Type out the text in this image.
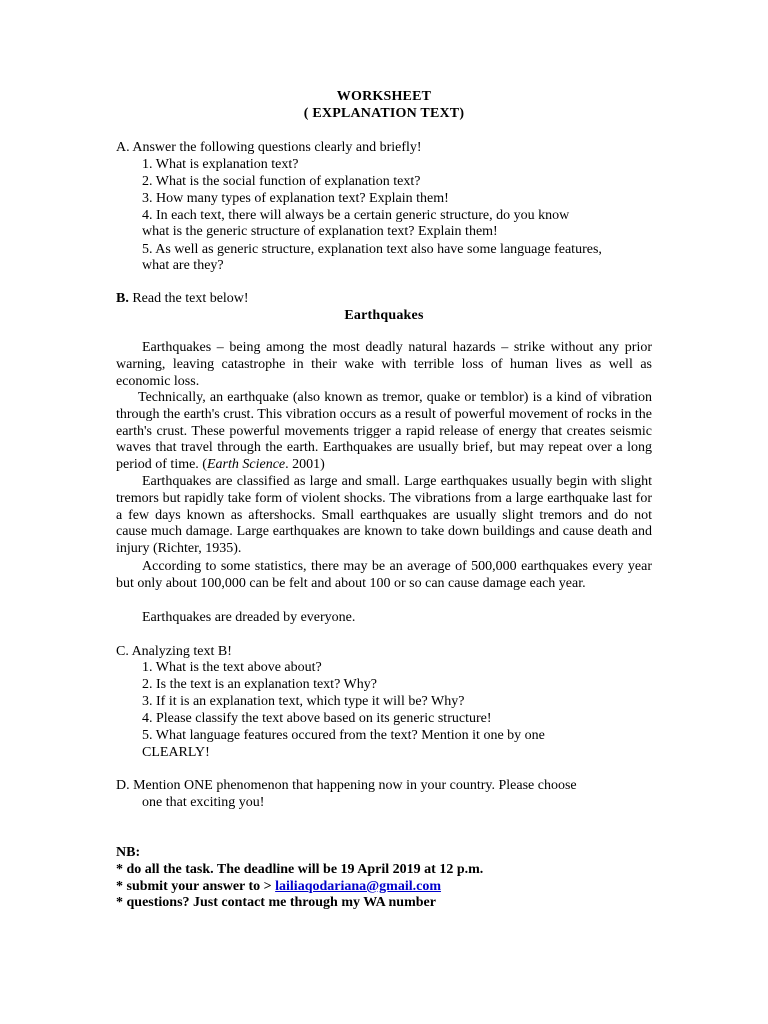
WORKSHEET
( EXPLANATION TEXT)
A. Answer the following questions clearly and briefly!
1. What is explanation text?
2. What is the social function of explanation text?
3. How many types of explanation text? Explain them!
4. In each text, there will always be a certain generic structure, do you know
what is the generic structure of explanation text? Explain them!
5. As well as generic structure, explanation text also have some language features,
what are they?
B. Read the text below!
Earthquakes
Earthquakes – being among the most deadly natural hazards – strike without any prior warning, leaving catastrophe in their wake with terrible loss of human lives as well as economic loss.
Technically, an earthquake (also known as tremor, quake or temblor) is a kind of vibration through the earth's crust. This vibration occurs as a result of powerful movement of rocks in the earth's crust. These powerful movements trigger a rapid release of energy that creates seismic waves that travel through the earth. Earthquakes are usually brief, but may repeat over a long period of time. (Earth Science. 2001)
Earthquakes are classified as large and small. Large earthquakes usually begin with slight tremors but rapidly take form of violent shocks. The vibrations from a large earthquake last for a few days known as aftershocks. Small earthquakes are usually slight tremors and do not cause much damage. Large earthquakes are known to take down buildings and cause death and injury (Richter, 1935).
According to some statistics, there may be an average of 500,000 earthquakes every year but only about 100,000 can be felt and about 100 or so can cause damage each year.
Earthquakes are dreaded by everyone.
C. Analyzing text B!
1. What is the text above about?
2. Is the text is an explanation text? Why?
3. If it is an explanation text, which type it will be? Why?
4. Please classify the text above based on its generic structure!
5. What language features occured from the text? Mention it one by one
CLEARLY!
D. Mention ONE phenomenon that happening now in your country. Please choose
one that exciting you!
NB:
* do all the task. The deadline will be 19 April 2019 at 12 p.m.
* submit your answer to > lailiaqodariana@gmail.com
* questions? Just contact me through my WA number
